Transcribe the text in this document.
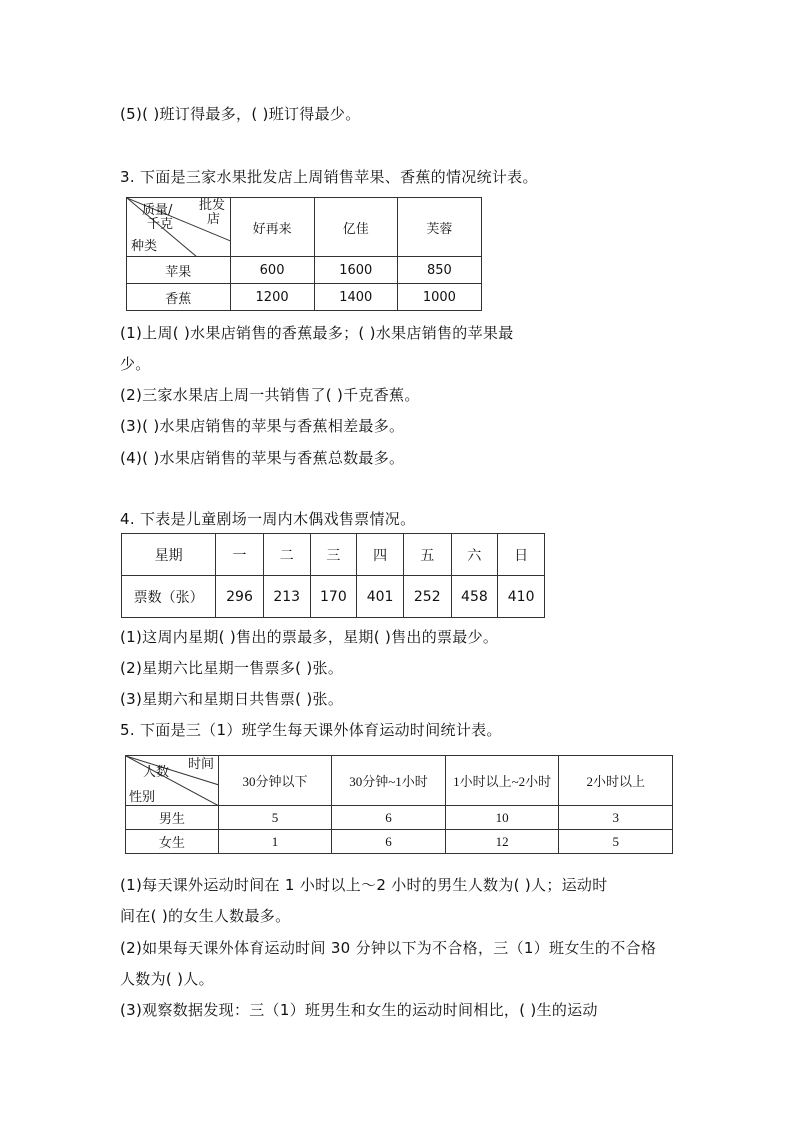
(5)( )班订得最多，( )班订得最少。
3. 下面是三家水果批发店上周销售苹果、香蕉的情况统计表。
批发
店
质量/
千克
种类	好再来	亿佳	芙蓉
苹果	600	1600	850
香蕉	1200	1400	1000
(1)上周( )水果店销售的香蕉最多；( )水果店销售的苹果最
少。
(2)三家水果店上周一共销售了( )千克香蕉。
(3)( )水果店销售的苹果与香蕉相差最多。
(4)( )水果店销售的苹果与香蕉总数最多。
4. 下表是儿童剧场一周内木偶戏售票情况。
星期	一	二	三	四	五	六	日
票数（张）	296	213	170	401	252	458	410
(1)这周内星期( )售出的票最多，星期( )售出的票最少。
(2)星期六比星期一售票多( )张。
(3)星期六和星期日共售票( )张。
5. 下面是三（1）班学生每天课外体育运动时间统计表。
时间
人数
性别	30分钟以下	30分钟~1小时	1小时以上~2小时	2小时以上
男生	5	6	10	3
女生	1	6	12	5
(1)每天课外运动时间在 1 小时以上～2 小时的男生人数为( )人；运动时
间在( )的女生人数最多。
(2)如果每天课外体育运动时间 30 分钟以下为不合格，三（1）班女生的不合格
人数为( )人。
(3)观察数据发现：三（1）班男生和女生的运动时间相比，( )生的运动
